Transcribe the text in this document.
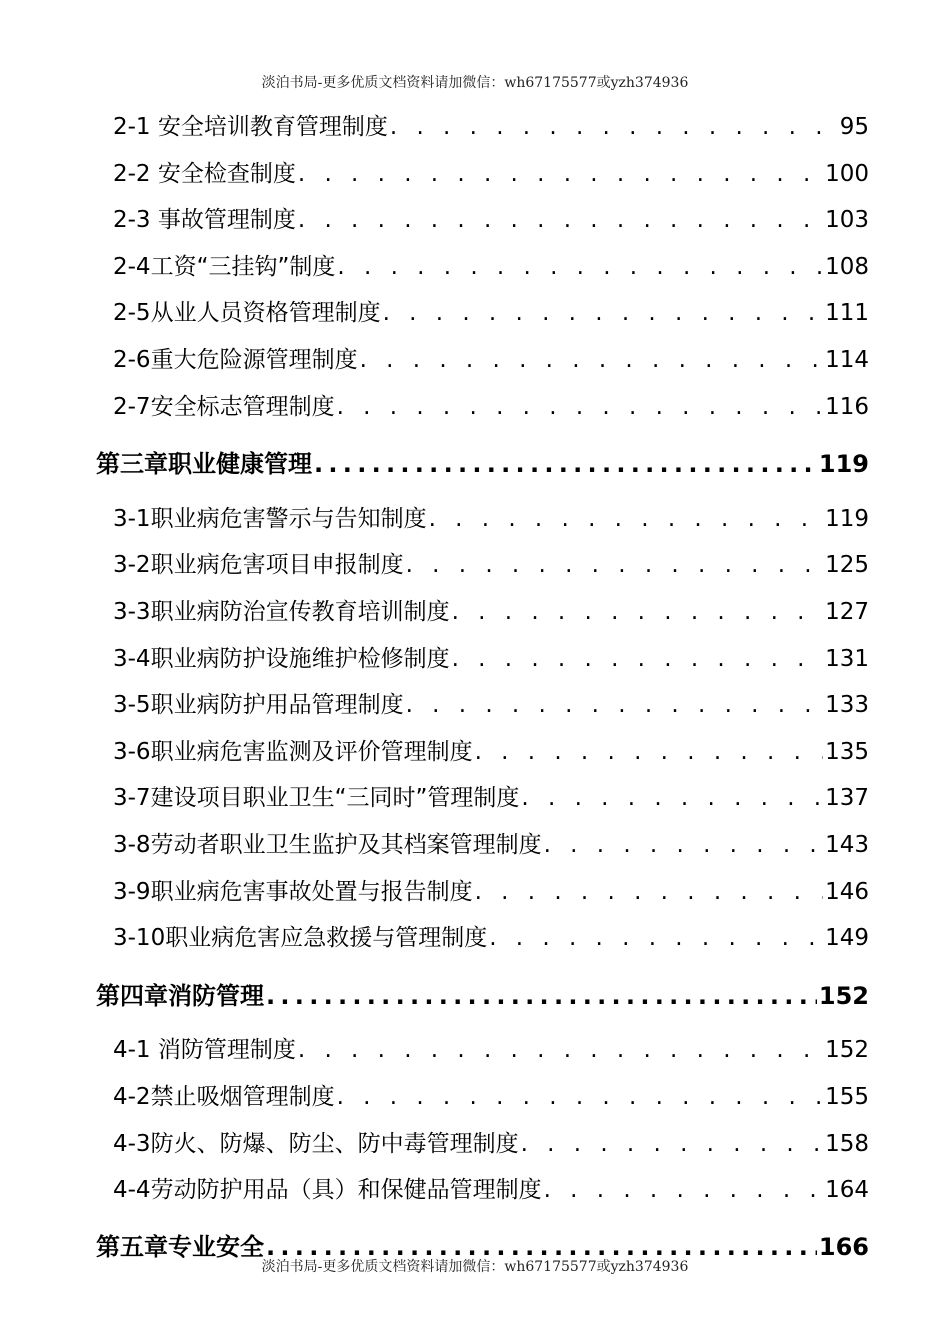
淡泊书局-更多优质文档资料请加微信：wh67175577或yzh374936
2-1 安全培训教育管理制度 . . .	95
2-2 安全检查制度 . . .	100
2-3 事故管理制度 . . .	103
2-4工资“三挂钩”制度 . . .	108
2-5从业人员资格管理制度 . . .	111
2-6重大危险源管理制度 . . .	114
2-7安全标志管理制度 . . .	116
第三章职业健康管理 .....	119
3-1职业病危害警示与告知制度 . . .	119
3-2职业病危害项目申报制度 . . .	125
3-3职业病防治宣传教育培训制度 . . .	127
3-4职业病防护设施维护检修制度 . . .	131
3-5职业病防护用品管理制度 . . .	133
3-6职业病危害监测及评价管理制度 . . .	135
3-7建设项目职业卫生“三同时”管理制度 . . .	137
3-8劳动者职业卫生监护及其档案管理制度 . . .	143
3-9职业病危害事故处置与报告制度 . . .	146
3-10职业病危害应急救援与管理制度 . . .	149
第四章消防管理 .....	152
4-1 消防管理制度 . . .	152
4-2禁止吸烟管理制度 . . .	155
4-3防火、防爆、防尘、防中毒管理制度 . . .	158
4-4劳动防护用品（具）和保健品管理制度 . . .	164
第五章专业安全 .....	166
淡泊书局-更多优质文档资料请加微信：wh67175577或yzh374936
